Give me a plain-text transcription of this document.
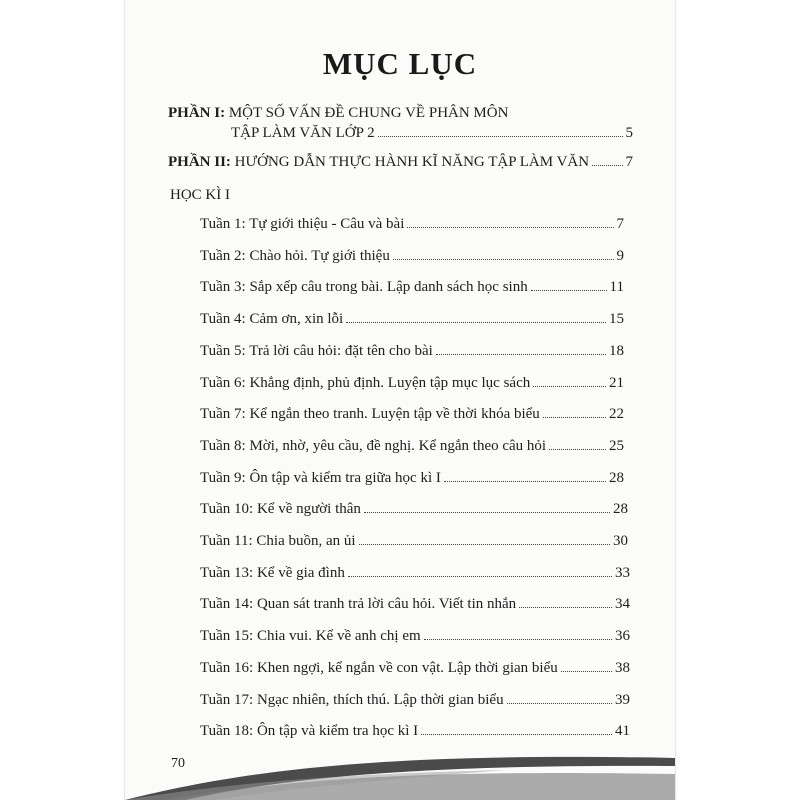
MỤC LỤC
PHẦN I: MỘT SỐ VẤN ĐỀ CHUNG VỀ PHÂN MÔN
TẬP LÀM VĂN LỚP 2	5
PHẦN II: HƯỚNG DẪN THỰC HÀNH KĨ NĂNG TẬP LÀM VĂN 7
HỌC KÌ I
Tuần 1: Tự giới thiệu - Câu và bài	7
Tuần 2: Chào hỏi. Tự giới thiệu	9
Tuần 3: Sắp xếp câu trong bài. Lập danh sách học sinh	11
Tuần 4: Cảm ơn, xin lỗi	15
Tuần 5: Trả lời câu hỏi: đặt tên cho bài	18
Tuần 6: Khẳng định, phủ định. Luyện tập mục lục sách	21
Tuần 7: Kể ngắn theo tranh. Luyện tập về thời khóa biểu	22
Tuần 8: Mời, nhờ, yêu cầu, đề nghị. Kể ngắn theo câu hỏi	25
Tuần 9: Ôn tập và kiểm tra giữa học kì I	28
Tuần 10: Kể về người thân	28
Tuần 11: Chia buồn, an ủi	30
Tuần 13: Kể về gia đình	33
Tuần 14: Quan sát tranh trả lời câu hỏi. Viết tin nhắn	34
Tuần 15: Chia vui. Kể về anh chị em	36
Tuần 16: Khen ngợi, kể ngắn về con vật. Lập thời gian biểu	38
Tuần 17: Ngạc nhiên, thích thú. Lập thời gian biểu	39
Tuần 18: Ôn tập và kiểm tra học kì I	41
70
